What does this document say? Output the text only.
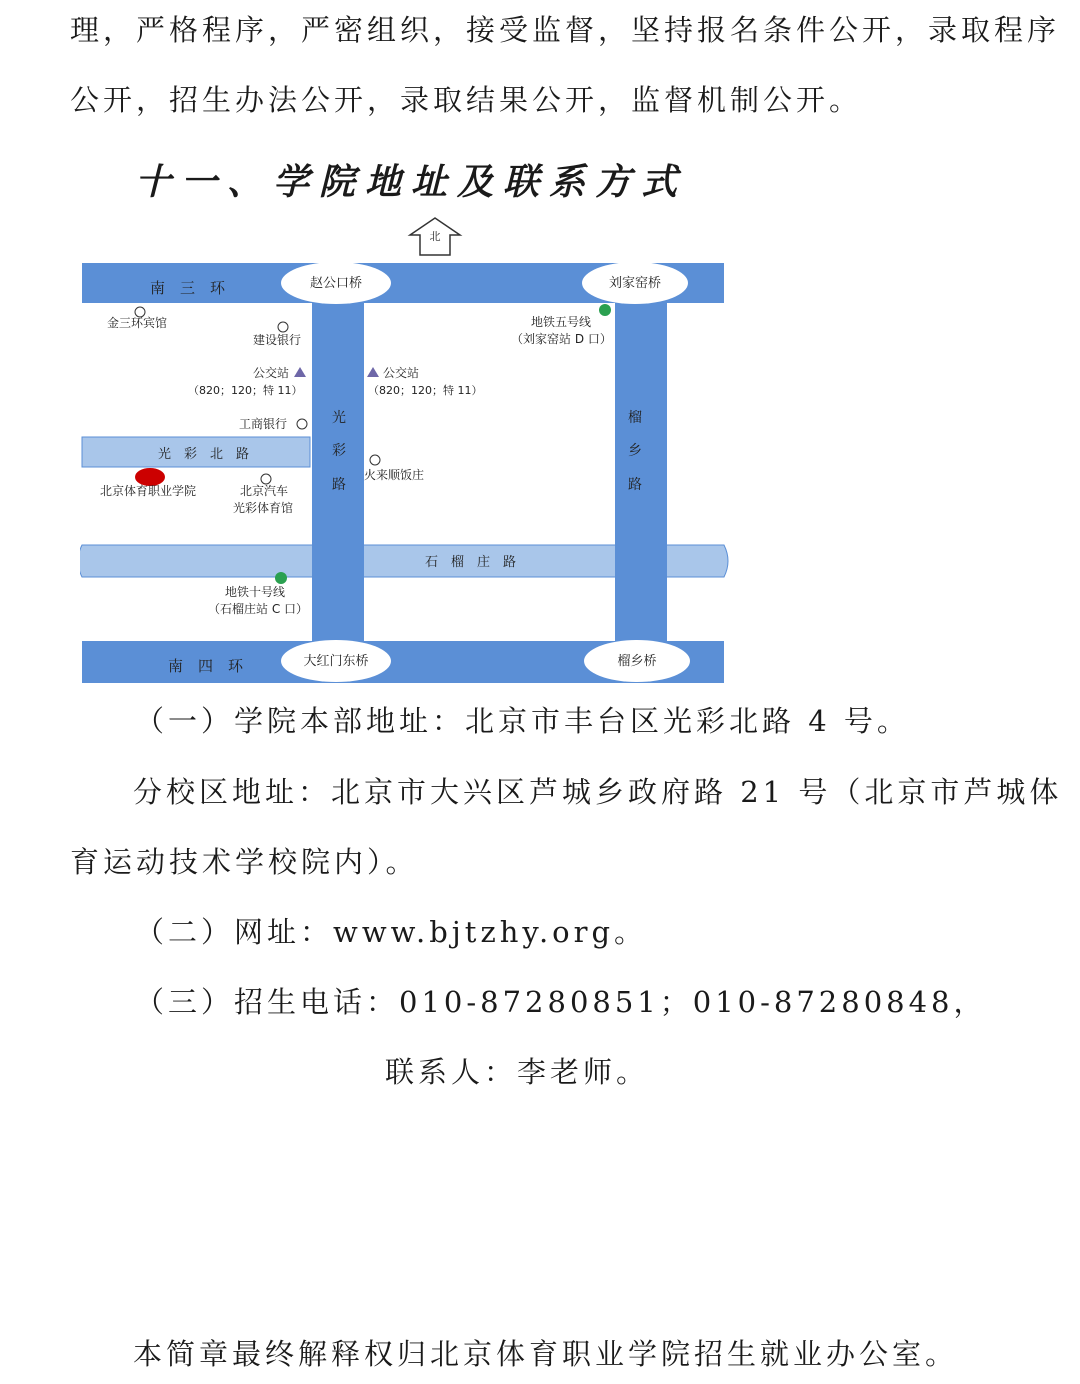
理，严格程序，严密组织，接受监督，坚持报名条件公开，录取程序
公开，招生办法公开，录取结果公开，监督机制公开。
十一、学院地址及联系方式
北
赵公口桥	刘家窑桥
大红门东桥	榴乡桥
南　三　环
南　四　环
光　彩　北　路
石　榴　庄　路
光
彩
路
榴
乡
路
金三环宾馆
建设银行
公交站
（820；120；特 11）
公交站
（820；120；特 11）
工商银行
火来顺饭庄
北京体育职业学院	北京汽车
光彩体育馆
地铁五号线
（刘家窑站 D 口）
地铁十号线
（石榴庄站 C 口）
（一）学院本部地址：北京市丰台区光彩北路 4 号。
分校区地址：北京市大兴区芦城乡政府路 21 号（北京市芦城体
育运动技术学校院内）。
（二）网址：www.bjtzhy.org。
（三）招生电话：010-87280851；010-87280848，
联系人：李老师。
本简章最终解释权归北京体育职业学院招生就业办公室。
